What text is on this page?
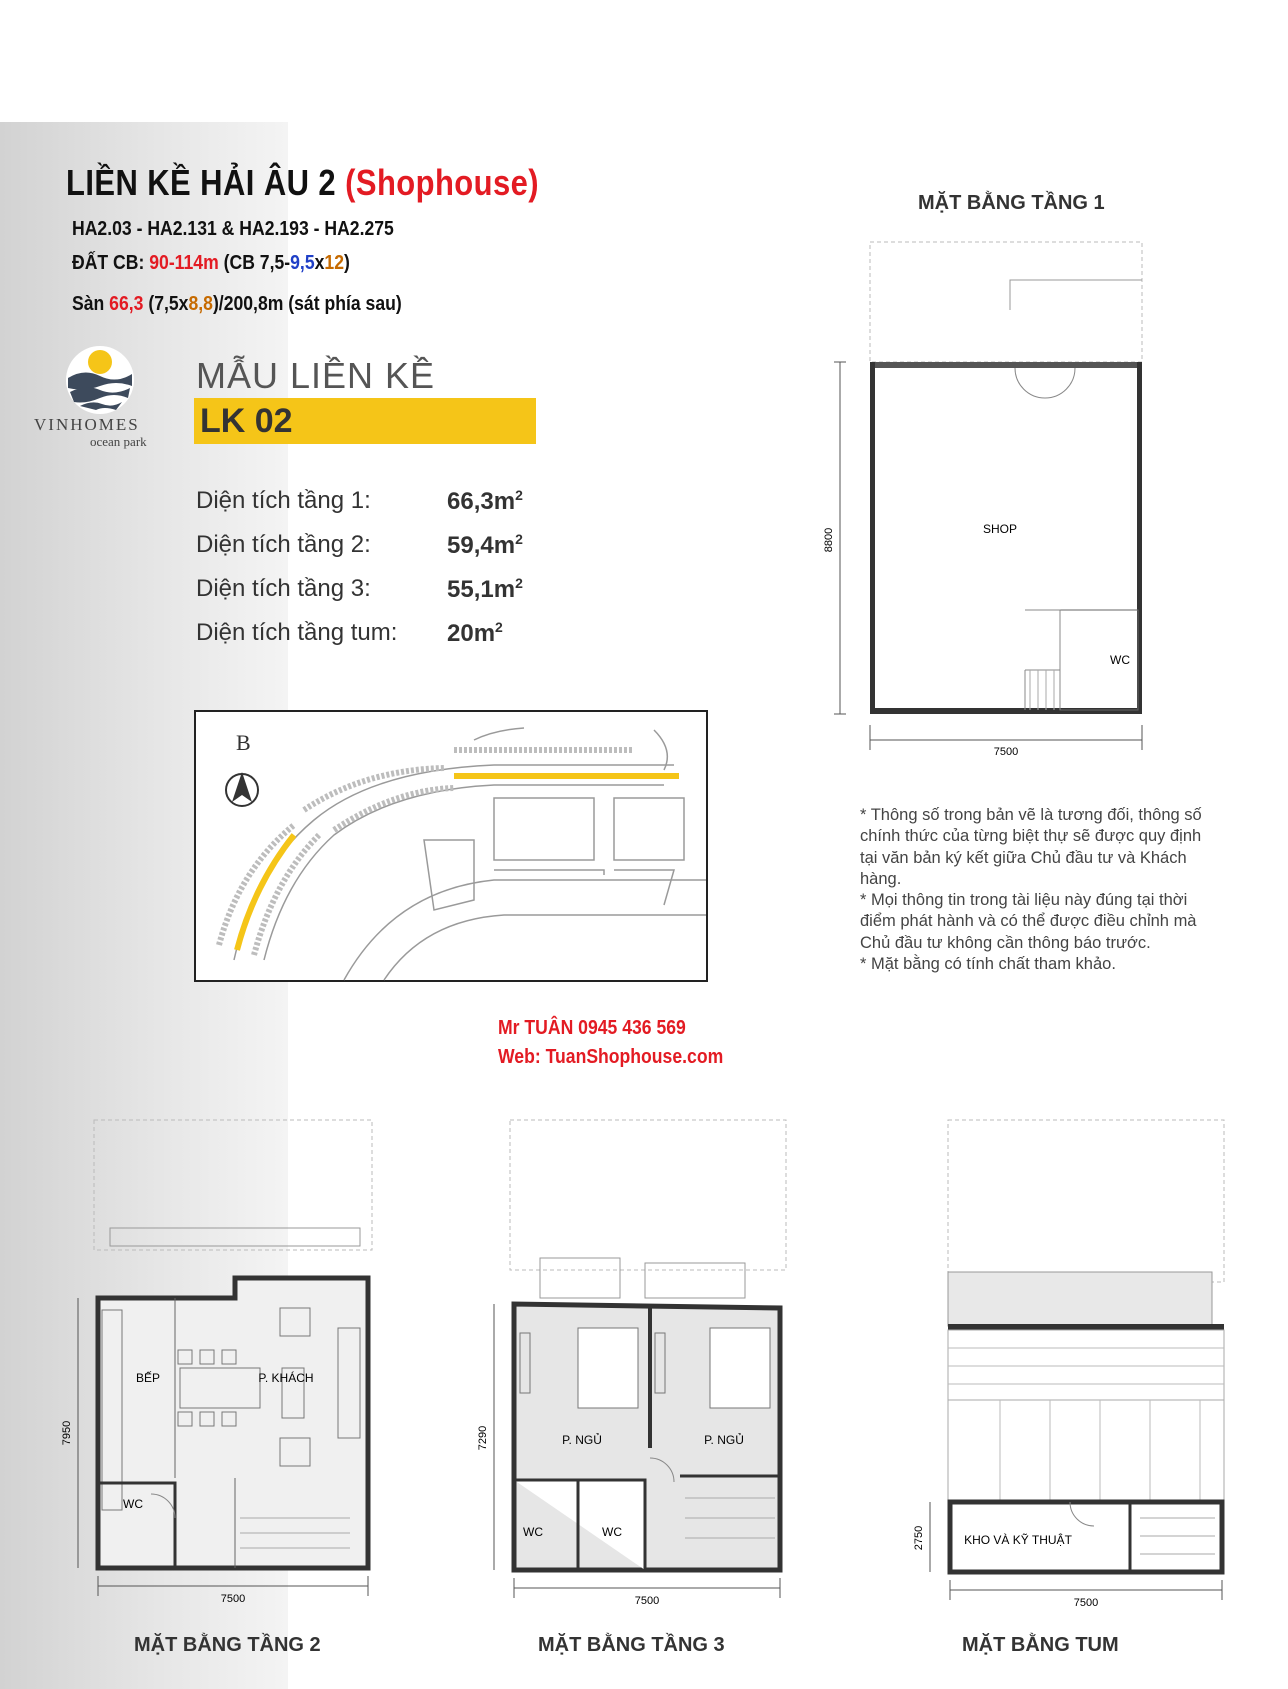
LIỀN KỀ HẢI ÂU 2 (Shophouse)
HA2.03 - HA2.131 & HA2.193 - HA2.275
ĐẤT CB: 90-114m (CB 7,5-9,5x12)
Sàn 66,3 (7,5x8,8)/200,8m (sát phía sau)
VINHOMES
ocean park
MẪU LIỀN KỀ
LK 02
Diện tích tầng 1:	$66,3m^2$
Diện tích tầng 2:	$59,4m^2$
Diện tích tầng 3:	$55,1m^2$
Diện tích tầng tum: $20m^2$
B
* Thông số trong bản vẽ là tương đối, thông số chính thức của từng biệt thự sẽ được quy định tại văn bản ký kết giữa Chủ đầu tư và Khách hàng.
* Mọi thông tin trong tài liệu này đúng tại thời điểm phát hành và có thể được điều chỉnh mà Chủ đầu tư không cần thông báo trước.
* Mặt bằng có tính chất tham khảo.
Mr TUÂN 0945 436 569
Web: TuanShophouse.com
MẶT BẰNG TẦNG 1
SHOP
WC
7500
8800
BẾP	P. KHÁCH
WC
7500
7950
MẶT BẰNG TẦNG 2
P. NGỦ	P. NGỦ
WC	WC
7500
7290
MẶT BẰNG TẦNG 3
KHO VÀ KỸ THUẬT
7500
2750
MẶT BẰNG TUM
